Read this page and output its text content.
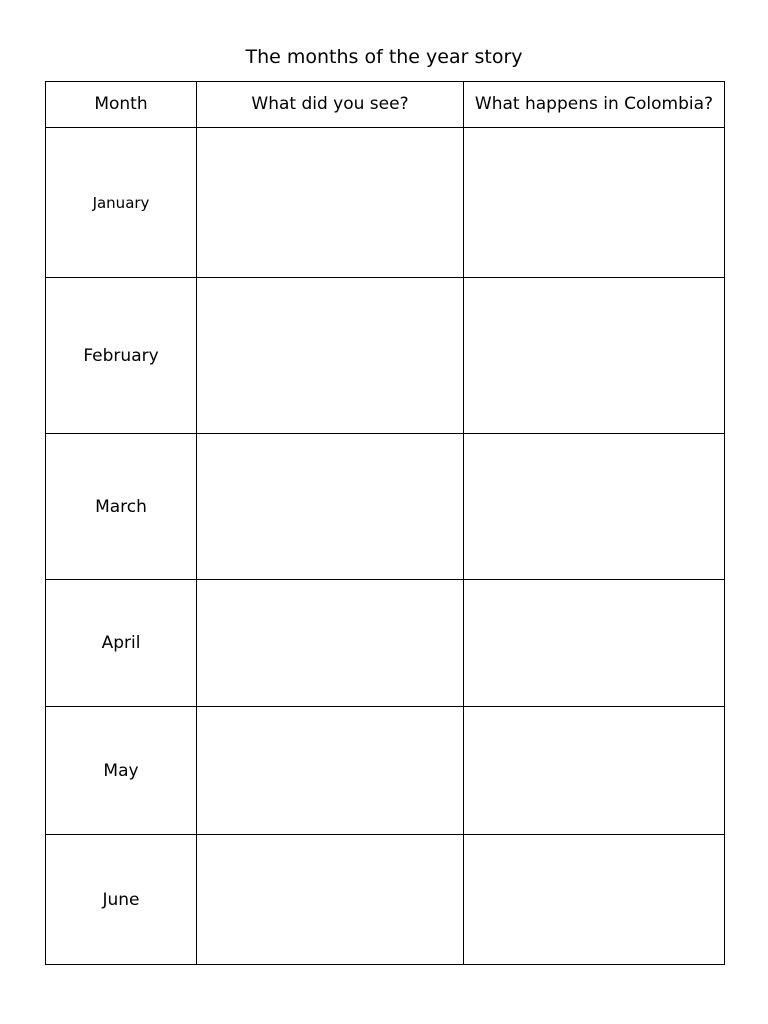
The months of the year story
Month	What did you see?	What happens in Colombia?
January		
February		
March		
April		
May		
June		
